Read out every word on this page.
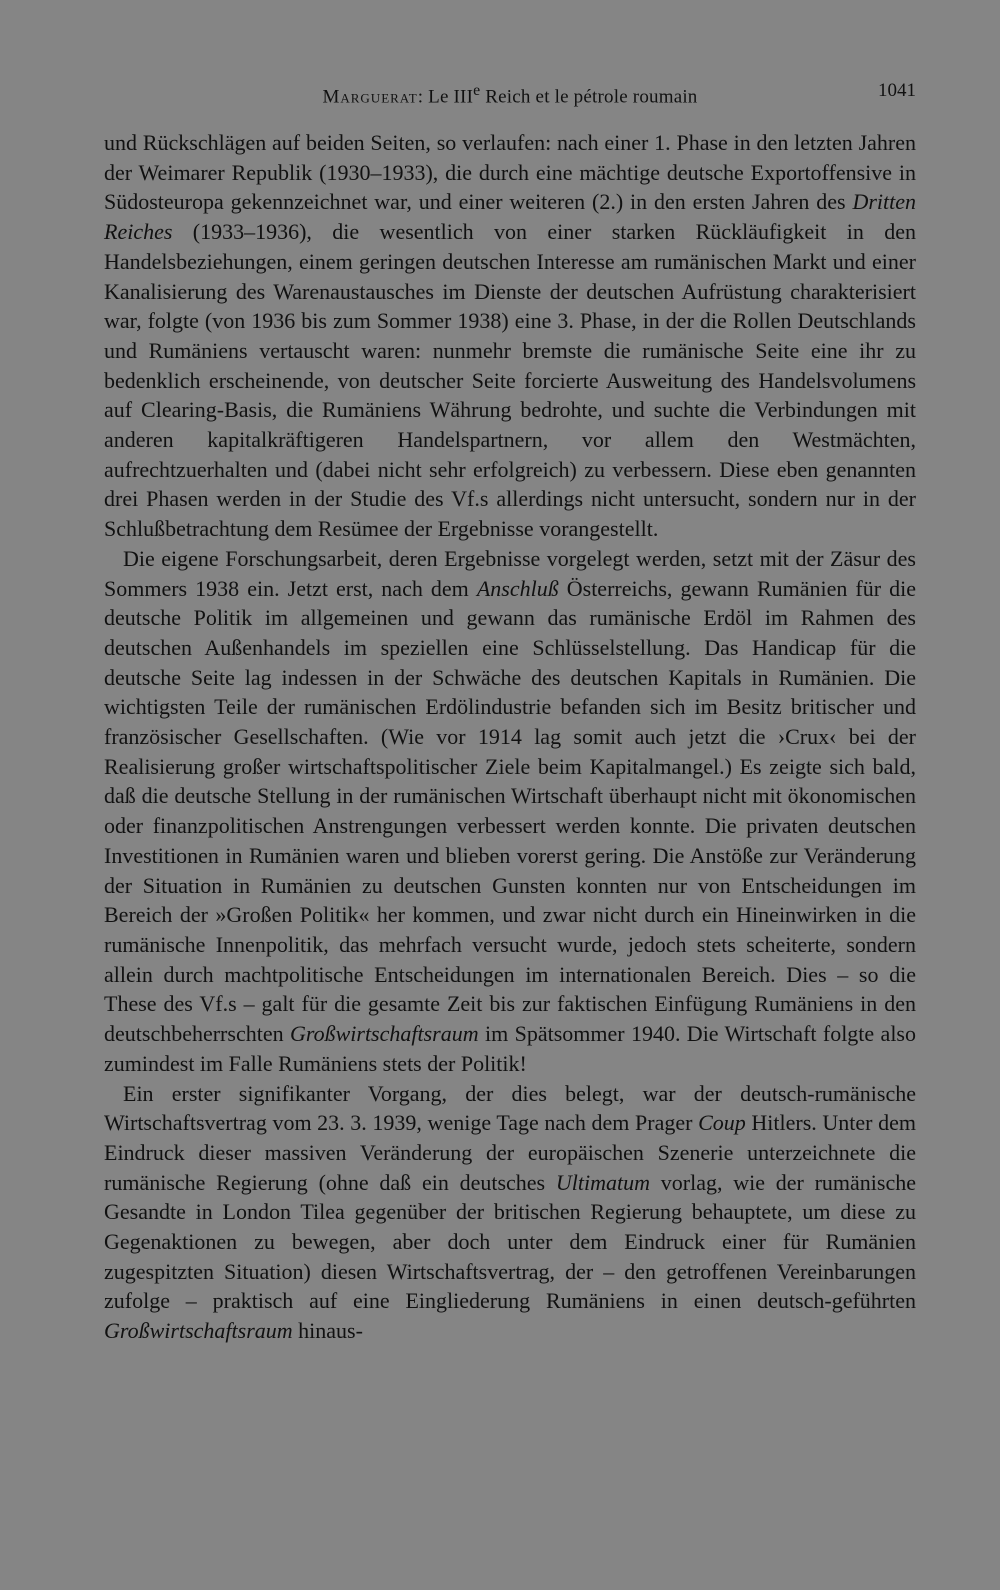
Marguerat: Le IIIe Reich et le pétrole roumain	1041

und Rückschlägen auf beiden Seiten, so verlaufen: nach einer 1. Phase in den letzten Jahren der Weimarer Republik (1930–1933), die durch eine mächtige deutsche Exportoffensive in Südosteuropa gekennzeichnet war, und einer weiteren (2.) in den ersten Jahren des Dritten Reiches (1933–1936), die wesentlich von einer starken Rückläufigkeit in den Handelsbeziehungen, einem geringen deutschen Interesse am rumänischen Markt und einer Kanalisierung des Warenaustausches im Dienste der deutschen Aufrüstung charakterisiert war, folgte (von 1936 bis zum Sommer 1938) eine 3. Phase, in der die Rollen Deutschlands und Rumäniens vertauscht waren: nunmehr bremste die rumänische Seite eine ihr zu bedenklich erscheinende, von deutscher Seite forcierte Ausweitung des Handelsvolumens auf Clearing-Basis, die Rumäniens Währung bedrohte, und suchte die Verbindungen mit anderen kapitalkräftigeren Handelspartnern, vor allem den Westmächten, aufrechtzuerhalten und (dabei nicht sehr erfolgreich) zu verbessern. Diese eben genannten drei Phasen werden in der Studie des Vf.s allerdings nicht untersucht, sondern nur in der Schlußbetrachtung dem Resümee der Ergebnisse vorangestellt.

Die eigene Forschungsarbeit, deren Ergebnisse vorgelegt werden, setzt mit der Zäsur des Sommers 1938 ein. Jetzt erst, nach dem Anschluß Österreichs, gewann Rumänien für die deutsche Politik im allgemeinen und gewann das rumänische Erdöl im Rahmen des deutschen Außenhandels im speziellen eine Schlüsselstellung. Das Handicap für die deutsche Seite lag indessen in der Schwäche des deutschen Kapitals in Rumänien. Die wichtigsten Teile der rumänischen Erdölindustrie befanden sich im Besitz britischer und französischer Gesellschaften. (Wie vor 1914 lag somit auch jetzt die ›Crux‹ bei der Realisierung großer wirtschaftspolitischer Ziele beim Kapitalmangel.) Es zeigte sich bald, daß die deutsche Stellung in der rumänischen Wirtschaft überhaupt nicht mit ökonomischen oder finanzpolitischen Anstrengungen verbessert werden konnte. Die privaten deutschen Investitionen in Rumänien waren und blieben vorerst gering. Die Anstöße zur Veränderung der Situation in Rumänien zu deutschen Gunsten konnten nur von Entscheidungen im Bereich der »Großen Politik« her kommen, und zwar nicht durch ein Hineinwirken in die rumänische Innenpolitik, das mehrfach versucht wurde, jedoch stets scheiterte, sondern allein durch machtpolitische Entscheidungen im internationalen Bereich. Dies – so die These des Vf.s – galt für die gesamte Zeit bis zur faktischen Einfügung Rumäniens in den deutschbeherrschten Großwirtschaftsraum im Spätsommer 1940. Die Wirtschaft folgte also zumindest im Falle Rumäniens stets der Politik!

Ein erster signifikanter Vorgang, der dies belegt, war der deutsch-rumänische Wirtschaftsvertrag vom 23. 3. 1939, wenige Tage nach dem Prager Coup Hitlers. Unter dem Eindruck dieser massiven Veränderung der europäischen Szenerie unterzeichnete die rumänische Regierung (ohne daß ein deutsches Ultimatum vorlag, wie der rumänische Gesandte in London Tilea gegenüber der britischen Regierung behauptete, um diese zu Gegenaktionen zu bewegen, aber doch unter dem Eindruck einer für Rumänien zugespitzten Situation) diesen Wirtschaftsvertrag, der – den getroffenen Vereinbarungen zufolge – praktisch auf eine Eingliederung Rumäniens in einen deutsch-geführten Großwirtschaftsraum hinaus-
